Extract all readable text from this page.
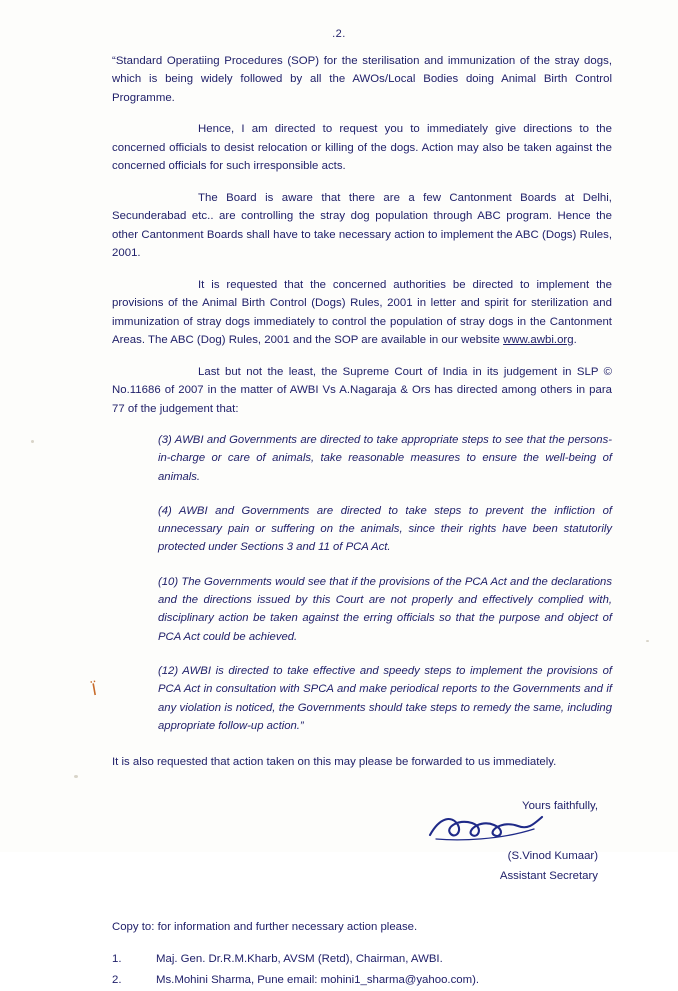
.2.

“Standard Operatiing Procedures (SOP) for the sterilisation and immunization of the stray dogs, which is being widely followed by all the AWOs/Local Bodies doing Animal Birth Control Programme.

Hence, I am directed to request you to immediately give directions to the concerned officials to desist relocation or killing of the dogs. Action may also be taken against the concerned officials for such irresponsible acts.

The Board is aware that there are a few Cantonment Boards at Delhi, Secunderabad etc.. are controlling the stray dog population through ABC program. Hence the other Cantonment Boards shall have to take necessary action to implement the ABC (Dogs) Rules, 2001.

It is requested that the concerned authorities be directed to implement the provisions of the Animal Birth Control (Dogs) Rules, 2001 in letter and spirit for sterilization and immunization of stray dogs immediately to control the population of stray dogs in the Cantonment Areas. The ABC (Dog) Rules, 2001 and the SOP are available in our website www.awbi.org.

Last but not the least, the Supreme Court of India in its judgement in SLP © No.11686 of 2007 in the matter of AWBI Vs A.Nagaraja & Ors has directed among others in para 77 of the judgement that:

(3) AWBI and Governments are directed to take appropriate steps to see that the persons-in-charge or care of animals, take reasonable measures to ensure the well-being of animals.
(4) AWBI and Governments are directed to take steps to prevent the infliction of unnecessary pain or suffering on the animals, since their rights have been statutorily protected under Sections 3 and 11 of PCA Act.
(10) The Governments would see that if the provisions of the PCA Act and the declarations and the directions issued by this Court are not properly and effectively complied with, disciplinary action be taken against the erring officials so that the purpose and object of PCA Act could be achieved.
(12) AWBI is directed to take effective and speedy steps to implement the provisions of PCA Act in consultation with SPCA and make periodical reports to the Governments and if any violation is noticed, the Governments should take steps to remedy the same, including appropriate follow-up action.”

It is also requested that action taken on this may please be forwarded to us immediately.

Yours faithfully,
(S.Vinod Kumaar)
Assistant Secretary
Copy to: for information and further necessary action please.
1.	Maj. Gen. Dr.R.M.Kharb, AVSM (Retd), Chairman, AWBI.
2.	Ms.Mohini Sharma, Pune email: mohini1_sharma@yahoo.com).
Ї
